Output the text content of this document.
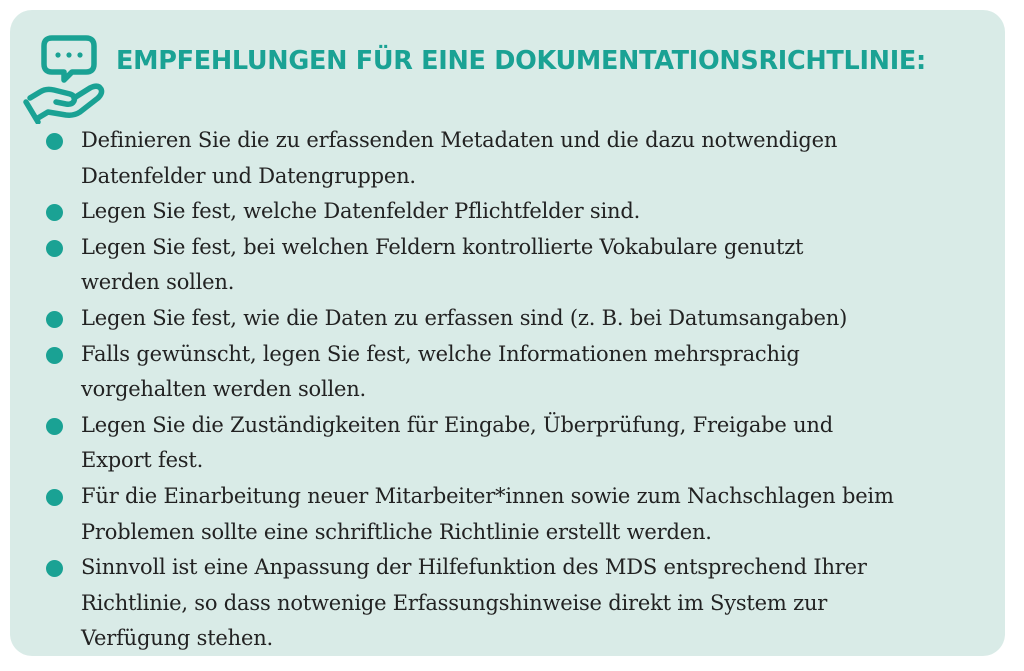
EMPFEHLUNGEN FÜR EINE DOKUMENTATIONSRICHTLINIE:
Definieren Sie die zu erfassenden Metadaten und die dazu notwendigen
Datenfelder und Datengruppen.
Legen Sie fest, welche Datenfelder Pflichtfelder sind.
Legen Sie fest, bei welchen Feldern kontrollierte Vokabulare genutzt
werden sollen.
Legen Sie fest, wie die Daten zu erfassen sind (z. B. bei Datumsangaben)
Falls gewünscht, legen Sie fest, welche Informationen mehrsprachig
vorgehalten werden sollen.
Legen Sie die Zuständigkeiten für Eingabe, Überprüfung, Freigabe und
Export fest.
Für die Einarbeitung neuer Mitarbeiter*innen sowie zum Nachschlagen beim
Problemen sollte eine schriftliche Richtlinie erstellt werden.
Sinnvoll ist eine Anpassung der Hilfefunktion des MDS entsprechend Ihrer
Richtlinie, so dass notwenige Erfassungshinweise direkt im System zur
Verfügung stehen.
